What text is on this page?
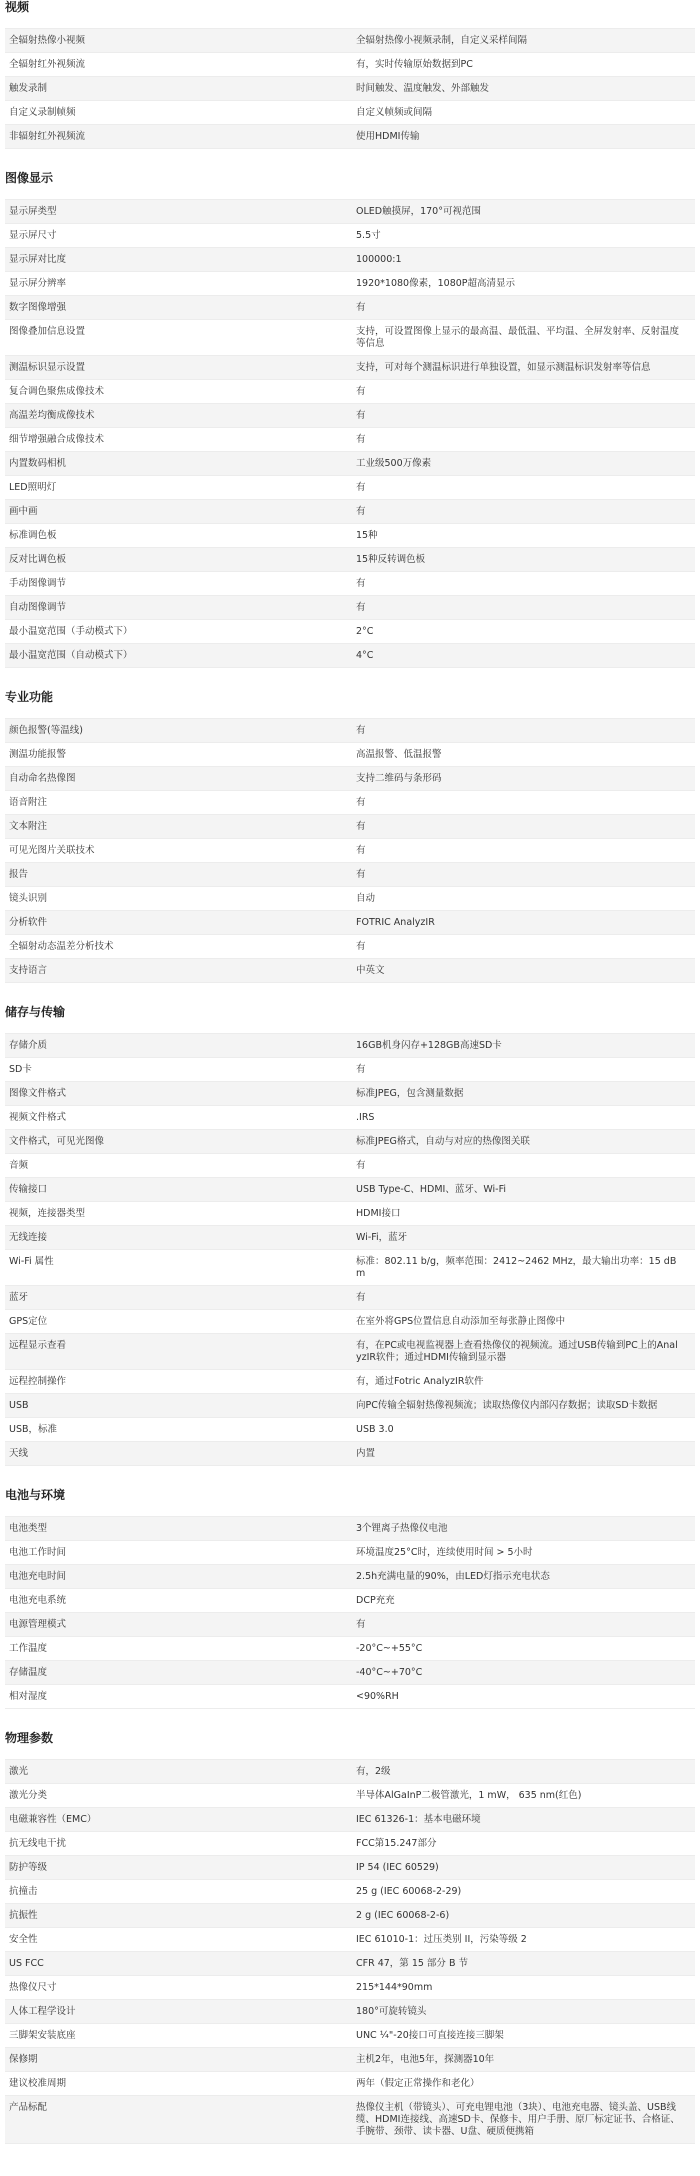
视频
全辐射热像小视频	全辐射热像小视频录制，自定义采样间隔
全辐射红外视频流	有，实时传输原始数据到PC
触发录制	时间触发、温度触发、外部触发
自定义录制帧频	自定义帧频或间隔
非辐射红外视频流	使用HDMI传输
图像显示
显示屏类型	OLED触摸屏，170°可视范围
显示屏尺寸	5.5寸
显示屏对比度	100000:1
显示屏分辨率	1920*1080像素，1080P超高清显示
数字图像增强	有
图像叠加信息设置	支持，可设置图像上显示的最高温、最低温、平均温、全屏发射率、反射温度等信息
测温标识显示设置	支持，可对每个测温标识进行单独设置，如显示测温标识发射率等信息
复合调色聚焦成像技术	有
高温差均衡成像技术	有
细节增强融合成像技术	有
内置数码相机	工业级500万像素
LED照明灯	有
画中画	有
标准调色板	15种
反对比调色板	15种反转调色板
手动图像调节	有
自动图像调节	有
最小温宽范围（手动模式下）	2°C
最小温宽范围（自动模式下）	4°C
专业功能
颜色报警(等温线)	有
测温功能报警	高温报警、低温报警
自动命名热像图	支持二维码与条形码
语音附注	有
文本附注	有
可见光图片关联技术	有
报告	有
镜头识别	自动
分析软件	FOTRIC AnalyzIR
全辐射动态温差分析技术	有
支持语言	中英文
储存与传输
存储介质	16GB机身闪存+128GB高速SD卡
SD卡	有
图像文件格式	标准JPEG，包含测量数据
视频文件格式	.IRS
文件格式，可见光图像	标准JPEG格式，自动与对应的热像图关联
音频	有
传输接口	USB Type-C、HDMI、蓝牙、Wi-Fi
视频，连接器类型	HDMI接口
无线连接	Wi-Fi，蓝牙
Wi-Fi 属性	标准：802.11 b/g，频率范围：2412~2462 MHz，最大输出功率：15 dBm
蓝牙	有
GPS定位	在室外将GPS位置信息自动添加至每张静止图像中
远程显示查看	有，在PC或电视监视器上查看热像仪的视频流。通过USB传输到PC上的AnalyzIR软件；通过HDMI传输到显示器
远程控制操作	有，通过Fotric AnalyzIR软件
USB	向PC传输全辐射热像视频流；读取热像仪内部闪存数据；读取SD卡数据
USB，标准	USB 3.0
天线	内置
电池与环境
电池类型	3个锂离子热像仪电池
电池工作时间	环境温度25°C时，连续使用时间 > 5小时
电池充电时间	2.5h充满电量的90%，由LED灯指示充电状态
电池充电系统	DCP充充
电源管理模式	有
工作温度	-20°C~+55°C
存储温度	-40°C~+70°C
相对湿度	<90%RH
物理参数
激光	有，2级
激光分类	半导体AlGaInP二极管激光，1 mW， 635 nm(红色)
电磁兼容性（EMC）	IEC 61326-1：基本电磁环境
抗无线电干扰	FCC第15.247部分
防护等级	IP 54 (IEC 60529)
抗撞击	25 g (IEC 60068-2-29)
抗振性	2 g (IEC 60068-2-6)
安全性	IEC 61010-1：过压类别 II，污染等级 2
US FCC	CFR 47，第 15 部分 B 节
热像仪尺寸	215*144*90mm
人体工程学设计	180°可旋转镜头
三脚架安装底座	UNC ¼"-20接口可直接连接三脚架
保修期	主机2年，电池5年，探测器10年
建议校准周期	两年（假定正常操作和老化）
产品标配	热像仪主机（带镜头）、可充电锂电池（3块）、电池充电器、镜头盖、USB线缆、HDMI连接线、高速SD卡、保修卡、用户手册、原厂标定证书、合格证、手腕带、颈带、读卡器、U盘、硬质便携箱
